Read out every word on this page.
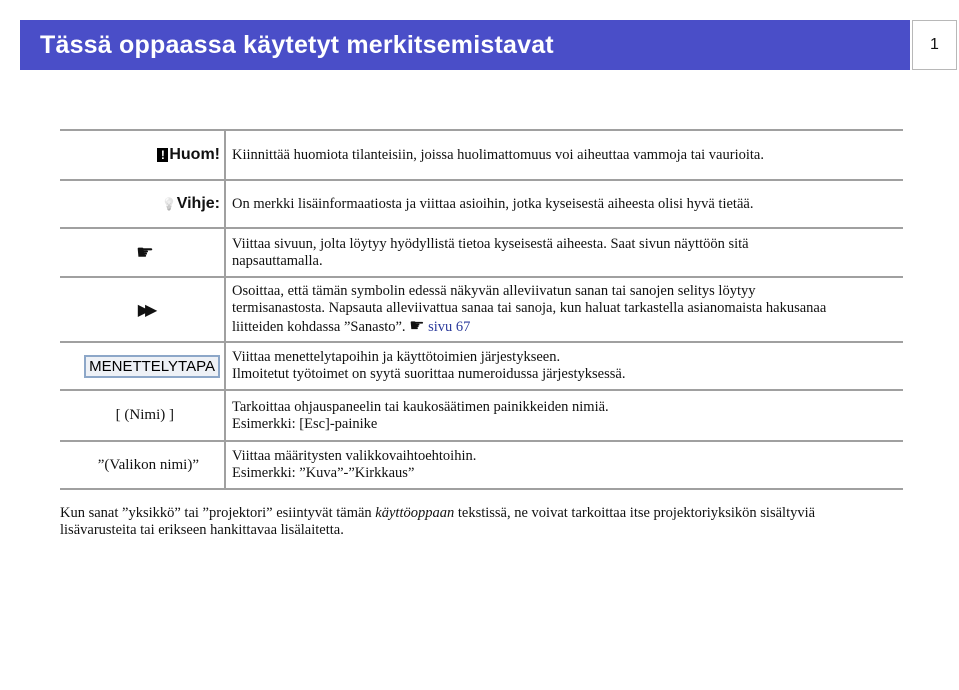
Tässä oppaassa käytetyt merkitsemistavat	1
! Huom!	Kiinnittää huomiota tilanteisiin, joissa huolimattomuus voi aiheuttaa vammoja tai vaurioita.
💡Vihje:	On merkki lisäinformaatiosta ja viittaa asioihin, jotka kyseisestä aiheesta olisi hyvä tietää.
☛	Viittaa sivuun, jolta löytyy hyödyllistä tietoa kyseisestä aiheesta. Saat sivun näyttöön sitä
napsauttamalla.

▶▶	Osoittaa, että tämän symbolin edessä näkyvän alleviivatun sanan tai sanojen selitys löytyy
termisanastosta. Napsauta alleviivattua sanaa tai sanoja, kun haluat tarkastella asianomaista hakusanaa
liitteiden kohdassa ”Sanasto”. ☛ sivu 67

MENETTELYTAPA	Viittaa menettelytapoihin ja käyttötoimien järjestykseen.
Ilmoitetut työtoimet on syytä suorittaa numeroidussa järjestyksessä.

[ (Nimi) ]	Tarkoittaa ohjauspaneelin tai kaukosäätimen painikkeiden nimiä.
Esimerkki: [Esc]-painike

”(Valikon nimi)”	Viittaa määritysten valikkovaihtoehtoihin.
Esimerkki: ”Kuva”-”Kirkkaus”
Kun sanat ”yksikkö” tai ”projektori” esiintyvät tämän käyttöoppaan tekstissä, ne voivat tarkoittaa itse projektoriyksikön sisältyviä
lisävarusteita tai erikseen hankittavaa lisälaitetta.
